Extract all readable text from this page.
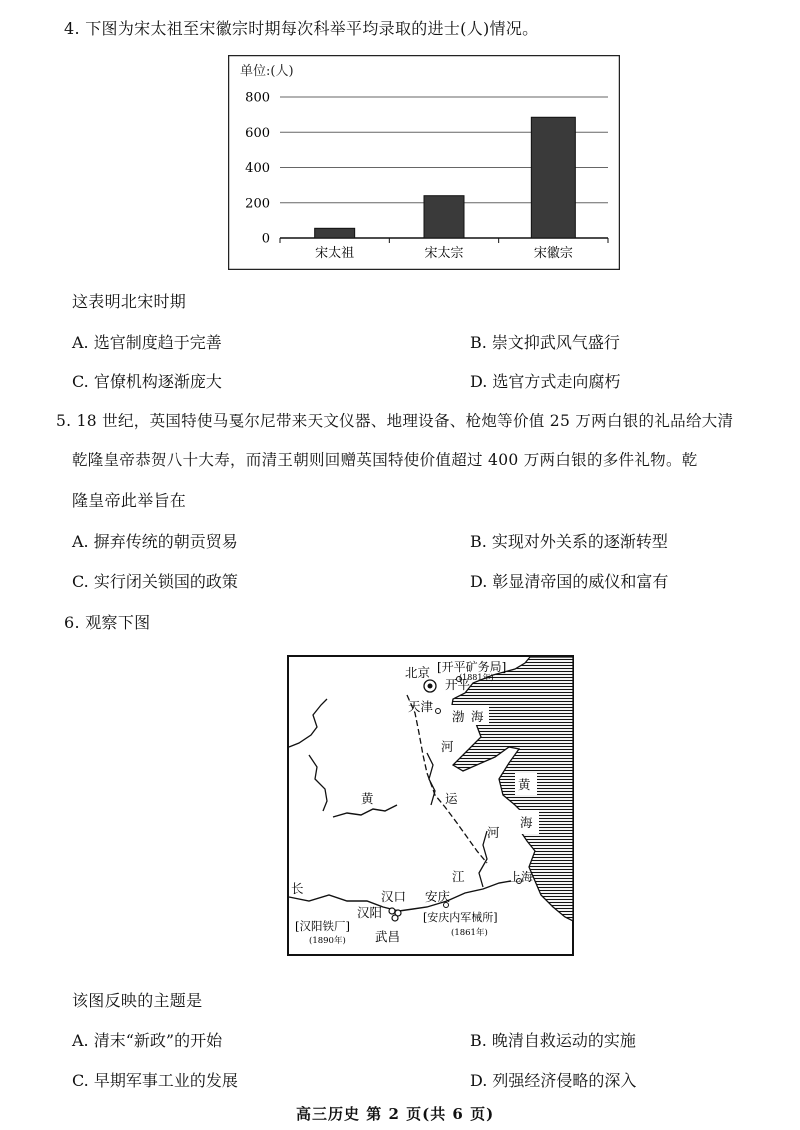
4. 下图为宋太祖至宋徽宗时期每次科举平均录取的进士(人)情况。
单位:(人)
800
600
400
200
0
宋太祖	宋太宗	宋徽宗
这表明北宋时期
A. 选官制度趋于完善	B. 崇文抑武风气盛行
C. 官僚机构逐渐庞大	D. 选官方式走向腐朽
5. 18 世纪，英国特使马戛尔尼带来天文仪器、地理设备、枪炮等价值 25 万两白银的礼品给大清
乾隆皇帝恭贺八十大寿，而清王朝则回赠英国特使价值超过 400 万两白银的多件礼物。乾
隆皇帝此举旨在
A. 摒弃传统的朝贡贸易	B. 实现对外关系的逐渐转型
C. 实行闭关锁国的政策	D. 彰显清帝国的威仪和富有
6. 观察下图
北京 [开平矿务局]
(1881年)
开平
天津
渤 海
河
黄	运
黄
海
河
江	上海
长
汉口 安庆
汉阳
[汉阳铁厂]
(1890年) 武昌
[安庆内军械所]
(1861年)
该图反映的主题是
A. 清末“新政”的开始	B. 晚清自救运动的实施
C. 早期军事工业的发展	D. 列强经济侵略的深入
高三历史 第 2 页(共 6 页)
